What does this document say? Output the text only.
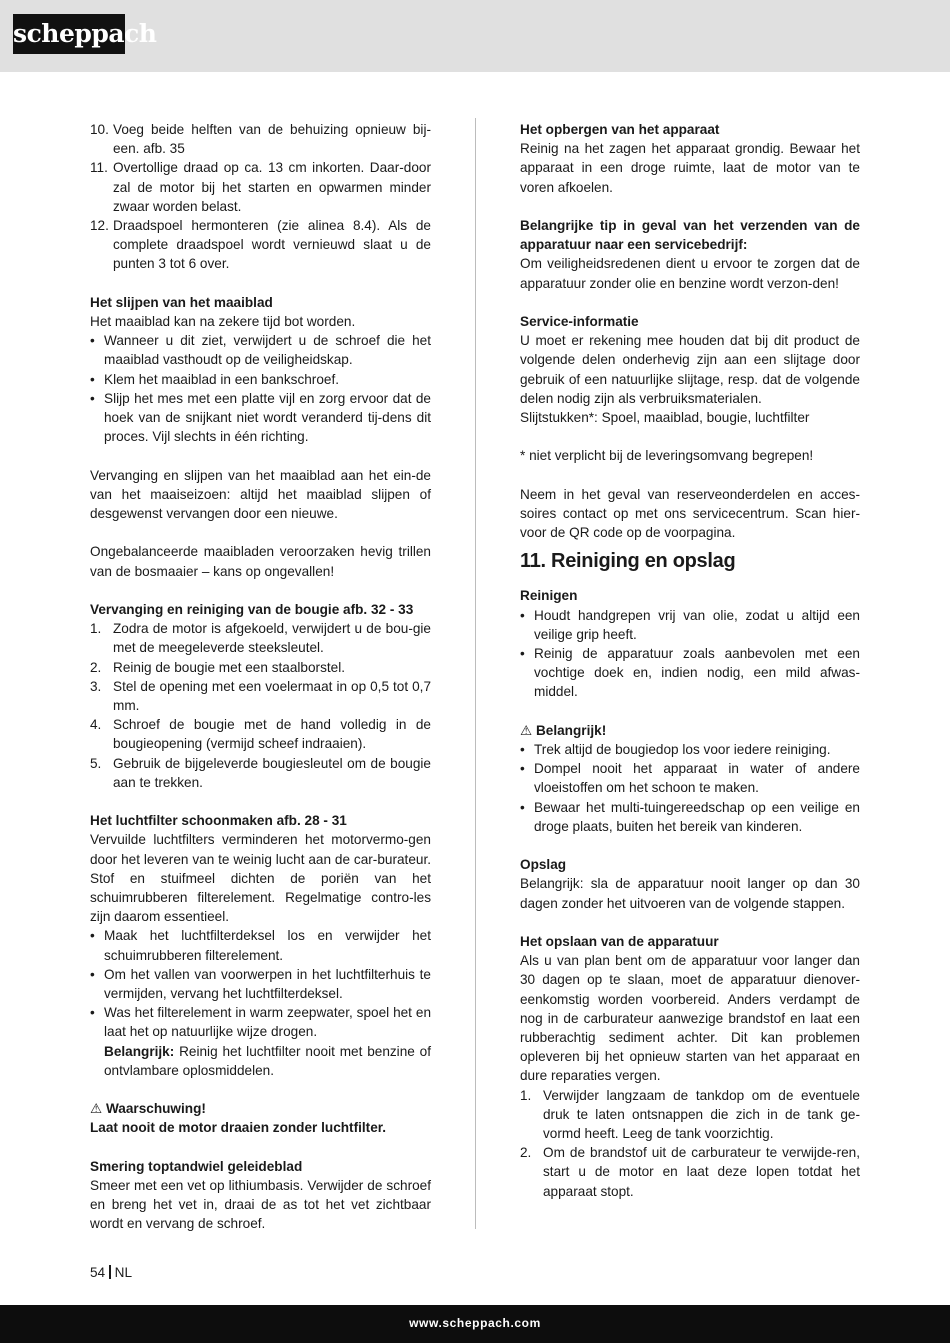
scheppach
10. Voeg beide helften van de behuizing opnieuw bij-een. afb. 35
11. Overtollige draad op ca. 13 cm inkorten. Daar-door zal de motor bij het starten en opwarmen minder zwaar worden belast.
12. Draadspoel hermonteren (zie alinea 8.4). Als de complete draadspoel wordt vernieuwd slaat u de punten 3 tot 6 over.

Het slijpen van het maaiblad

Het maaiblad kan na zekere tijd bot worden.

• Wanneer u dit ziet, verwijdert u de schroef die het maaiblad vasthoudt op de veiligheidskap.
• Klem het maaiblad in een bankschroef.
• Slijp het mes met een platte vijl en zorg ervoor dat de hoek van de snijkant niet wordt veranderd tij-dens dit proces. Vijl slechts in één richting.

Vervanging en slijpen van het maaiblad aan het ein-de van het maaiseizoen: altijd het maaiblad slijpen of desgewenst vervangen door een nieuwe.

Ongebalanceerde maaibladen veroorzaken hevig trillen van de bosmaaier – kans op ongevallen!

Vervanging en reiniging van de bougie afb. 32 - 33

1. Zodra de motor is afgekoeld, verwijdert u de bou-gie met de meegeleverde steeksleutel.
2. Reinig de bougie met een staalborstel.
3. Stel de opening met een voelermaat in op 0,5 tot 0,7 mm.
4. Schroef de bougie met de hand volledig in de bougieopening (vermijd scheef indraaien).
5. Gebruik de bijgeleverde bougiesleutel om de bougie aan te trekken.

Het luchtfilter schoonmaken afb. 28 - 31

Vervuilde luchtfilters verminderen het motorvermo-gen door het leveren van te weinig lucht aan de car-burateur. Stof en stuifmeel dichten de poriën van het schuimrubberen filterelement. Regelmatige contro-les zijn daarom essentieel.

• Maak het luchtfilterdeksel los en verwijder het schuimrubberen filterelement.
• Om het vallen van voorwerpen in het luchtfilterhuis te vermijden, vervang het luchtfilterdeksel.
• Was het filterelement in warm zeepwater, spoel het en laat het op natuurlijke wijze drogen.
Belangrijk: Reinig het luchtfilter nooit met benzine of ontvlambare oplosmiddelen.

⚠ Waarschuwing!

Laat nooit de motor draaien zonder luchtfilter.

Smering toptandwiel geleideblad

Smeer met een vet op lithiumbasis. Verwijder de schroef en breng het vet in, draai de as tot het vet zichtbaar wordt en vervang de schroef.

Het opbergen van het apparaat

Reinig na het zagen het apparaat grondig. Bewaar het apparaat in een droge ruimte, laat de motor van te voren afkoelen.

Belangrijke tip in geval van het verzenden van de apparatuur naar een servicebedrijf:

Om veiligheidsredenen dient u ervoor te zorgen dat de apparatuur zonder olie en benzine wordt verzon-den!

Service-informatie

U moet er rekening mee houden dat bij dit product de volgende delen onderhevig zijn aan een slijtage door gebruik of een natuurlijke slijtage, resp. dat de volgende delen nodig zijn als verbruiksmaterialen.

Slijtstukken*: Spoel, maaiblad, bougie, luchtfilter

* niet verplicht bij de leveringsomvang begrepen!

Neem in het geval van reserveonderdelen en acces-soires contact op met ons servicecentrum. Scan hier-voor de QR code op de voorpagina.

11. Reiniging en opslag

Reinigen

• Houdt handgrepen vrij van olie, zodat u altijd een veilige grip heeft.
• Reinig de apparatuur zoals aanbevolen met een vochtige doek en, indien nodig, een mild afwas-middel.

⚠ Belangrijk!

• Trek altijd de bougiedop los voor iedere reiniging.
• Dompel nooit het apparaat in water of andere vloeistoffen om het schoon te maken.
• Bewaar het multi-tuingereedschap op een veilige en droge plaats, buiten het bereik van kinderen.

Opslag

Belangrijk: sla de apparatuur nooit langer op dan 30 dagen zonder het uitvoeren van de volgende stappen.

Het opslaan van de apparatuur

Als u van plan bent om de apparatuur voor langer dan 30 dagen op te slaan, moet de apparatuur dienover-eenkomstig worden voorbereid. Anders verdampt de nog in de carburateur aanwezige brandstof en laat een rubberachtig sediment achter. Dit kan problemen opleveren bij het opnieuw starten van het apparaat en dure reparaties vergen.

1. Verwijder langzaam de tankdop om de eventuele druk te laten ontsnappen die zich in de tank ge-vormd heeft. Leeg de tank voorzichtig.
2. Om de brandstof uit de carburateur te verwijde-ren, start u de motor en laat deze lopen totdat het apparaat stopt.
54 NL
www.scheppach.com
